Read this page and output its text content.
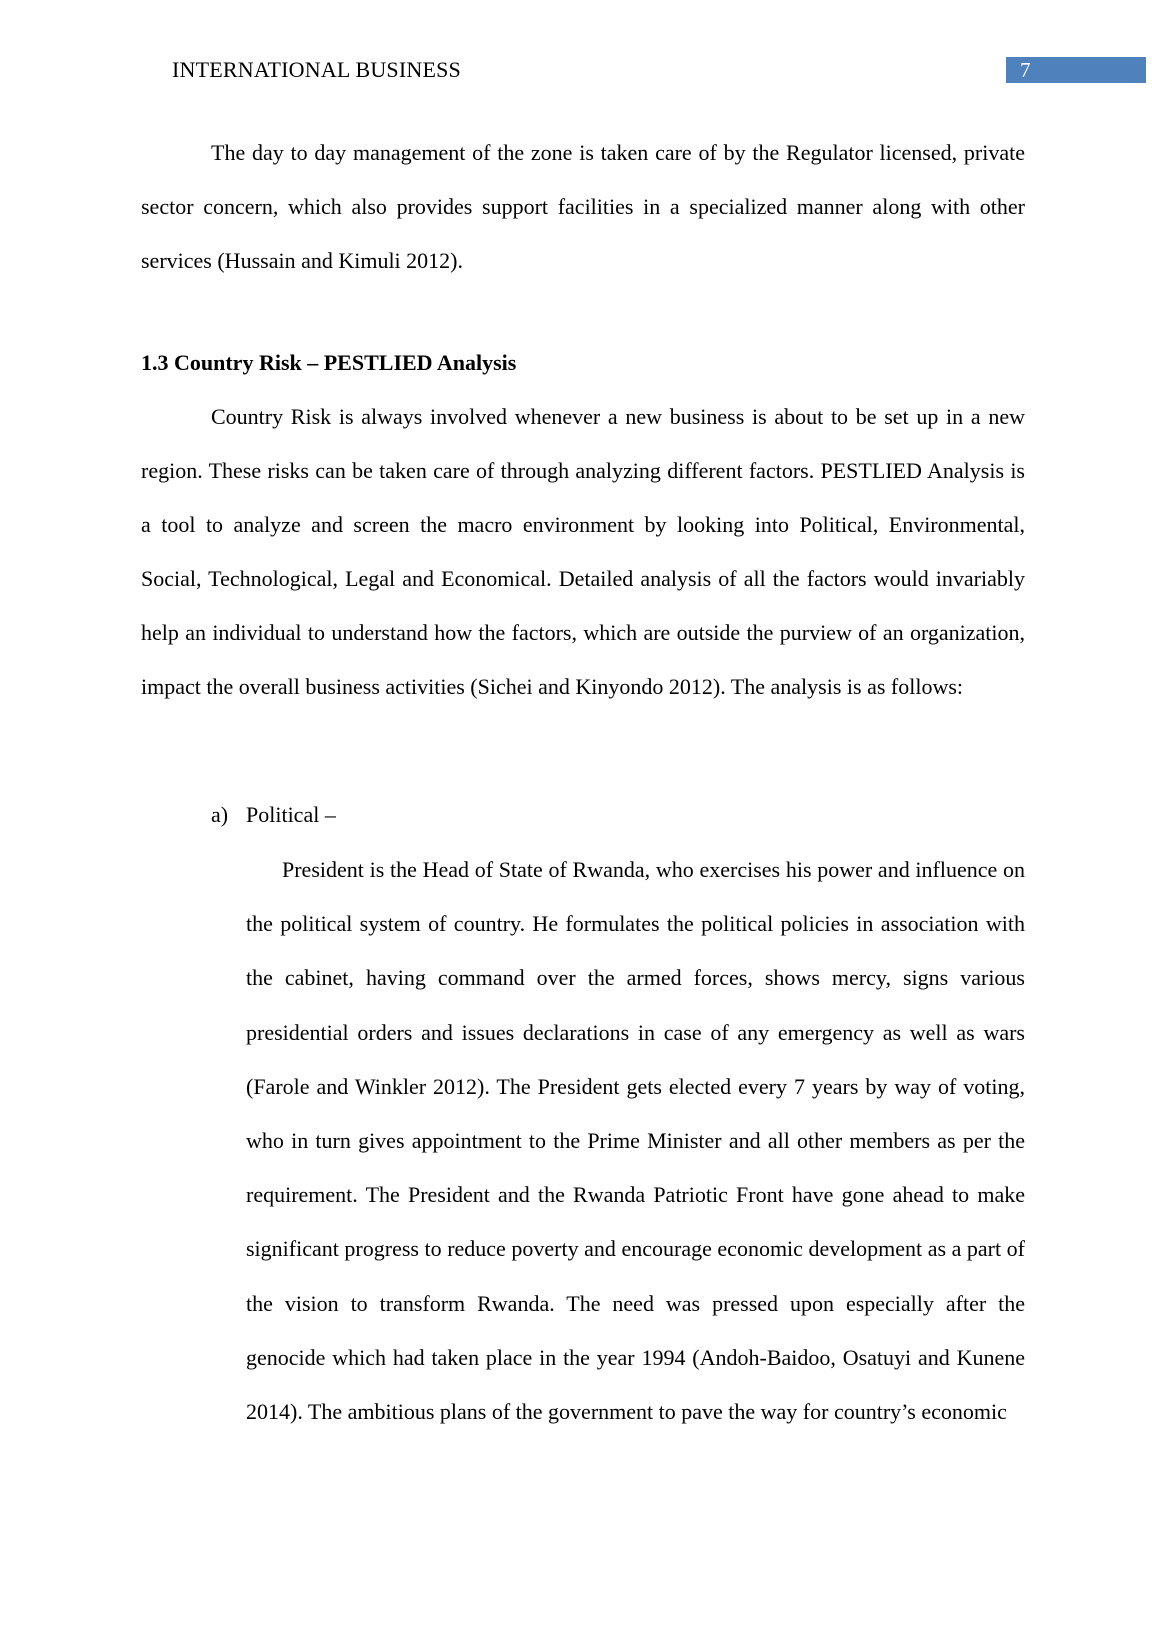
INTERNATIONAL BUSINESS	7

The day to day management of the zone is taken care of by the Regulator licensed, private sector concern, which also provides support facilities in a specialized manner along with other services (Hussain and Kimuli 2012).

1.3 Country Risk – PESTLIED Analysis

Country Risk is always involved whenever a new business is about to be set up in a new region. These risks can be taken care of through analyzing different factors. PESTLIED Analysis is a tool to analyze and screen the macro environment by looking into Political, Environmental, Social, Technological, Legal and Economical. Detailed analysis of all the factors would invariably help an individual to understand how the factors, which are outside the purview of an organization, impact the overall business activities (Sichei and Kinyondo 2012). The analysis is as follows:

a) Political –

President is the Head of State of Rwanda, who exercises his power and influence on the political system of country. He formulates the political policies in association with the cabinet, having command over the armed forces, shows mercy, signs various presidential orders and issues declarations in case of any emergency as well as wars (Farole and Winkler 2012). The President gets elected every 7 years by way of voting, who in turn gives appointment to the Prime Minister and all other members as per the requirement. The President and the Rwanda Patriotic Front have gone ahead to make significant progress to reduce poverty and encourage economic development as a part of the vision to transform Rwanda. The need was pressed upon especially after the genocide which had taken place in the year 1994 (Andoh-Baidoo, Osatuyi and Kunene 2014). The ambitious plans of the government to pave the way for country’s economic
